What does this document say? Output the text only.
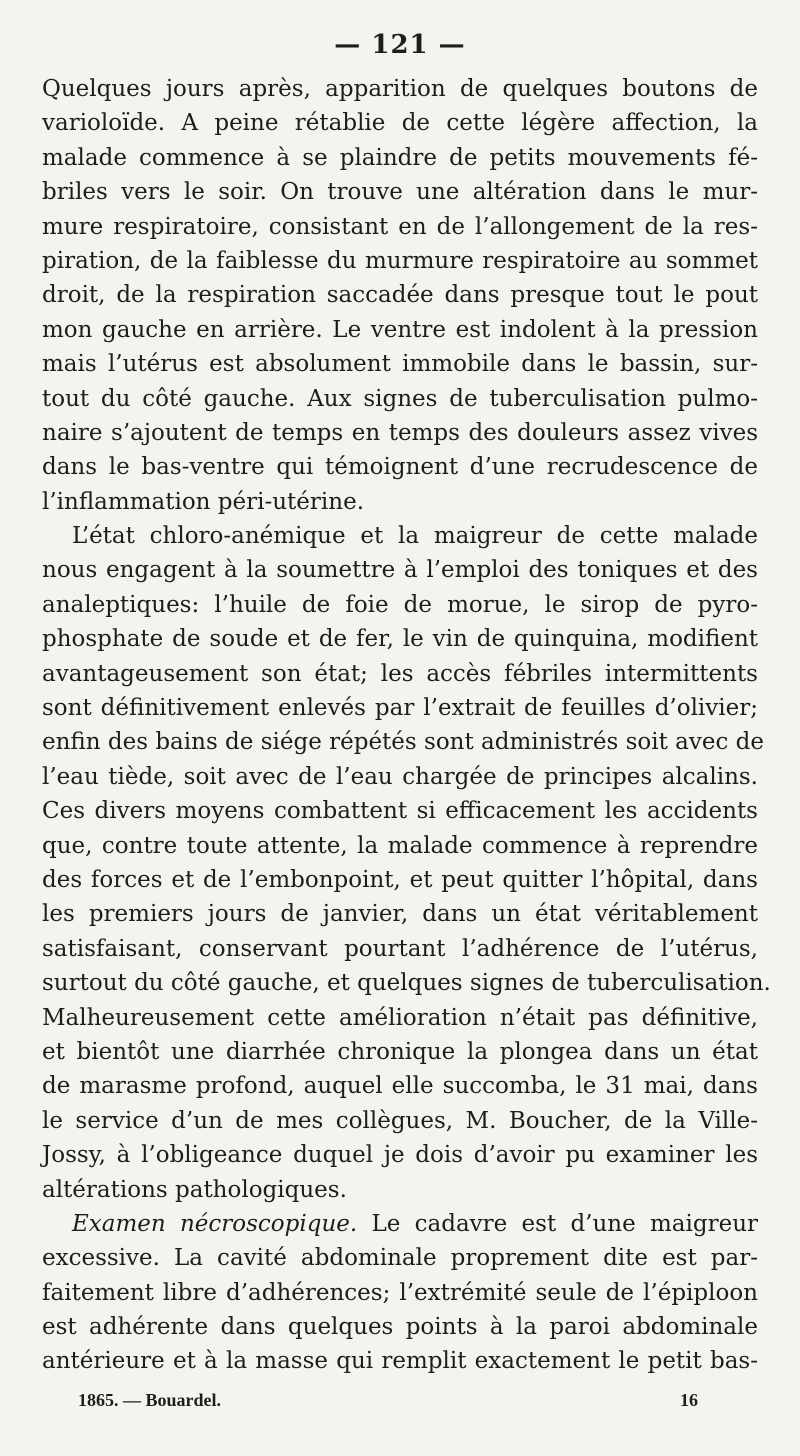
— 121 —
Quelques jours après, apparition de quelques boutons de
varioloïde. A peine rétablie de cette légère affection, la
malade commence à se plaindre de petits mouvements fé-
briles vers le soir. On trouve une altération dans le mur-
mure respiratoire, consistant en de l’allongement de la res-
piration, de la faiblesse du murmure respiratoire au sommet
droit, de la respiration saccadée dans presque tout le pout
mon gauche en arrière. Le ventre est indolent à la pression
mais l’utérus est absolument immobile dans le bassin, sur-
tout du côté gauche. Aux signes de tuberculisation pulmo-
naire s’ajoutent de temps en temps des douleurs assez vives
dans le bas-ventre qui témoignent d’une recrudescence de
l’inflammation péri-utérine.
L’état chloro-anémique et la maigreur de cette malade
nous engagent à la soumettre à l’emploi des toniques et des
analeptiques: l’huile de foie de morue, le sirop de pyro-
phosphate de soude et de fer, le vin de quinquina, modifient
avantageusement son état; les accès fébriles intermittents
sont définitivement enlevés par l’extrait de feuilles d’olivier;
enfin des bains de siége répétés sont administrés soit avec de
l’eau tiède, soit avec de l’eau chargée de principes alcalins.
Ces divers moyens combattent si efficacement les accidents
que, contre toute attente, la malade commence à reprendre
des forces et de l’embonpoint, et peut quitter l’hôpital, dans
les premiers jours de janvier, dans un état véritablement
satisfaisant, conservant pourtant l’adhérence de l’utérus,
surtout du côté gauche, et quelques signes de tuberculisation.
Malheureusement cette amélioration n’était pas définitive,
et bientôt une diarrhée chronique la plongea dans un état
de marasme profond, auquel elle succomba, le 31 mai, dans
le service d’un de mes collègues, M. Boucher, de la Ville-
Jossy, à l’obligeance duquel je dois d’avoir pu examiner les
altérations pathologiques.
Examen nécroscopique. Le cadavre est d’une maigreur
excessive. La cavité abdominale proprement dite est par-
faitement libre d’adhérences; l’extrémité seule de l’épiploon
est adhérente dans quelques points à la paroi abdominale
antérieure et à la masse qui remplit exactement le petit bas-
1865. — Bouardel.	16
